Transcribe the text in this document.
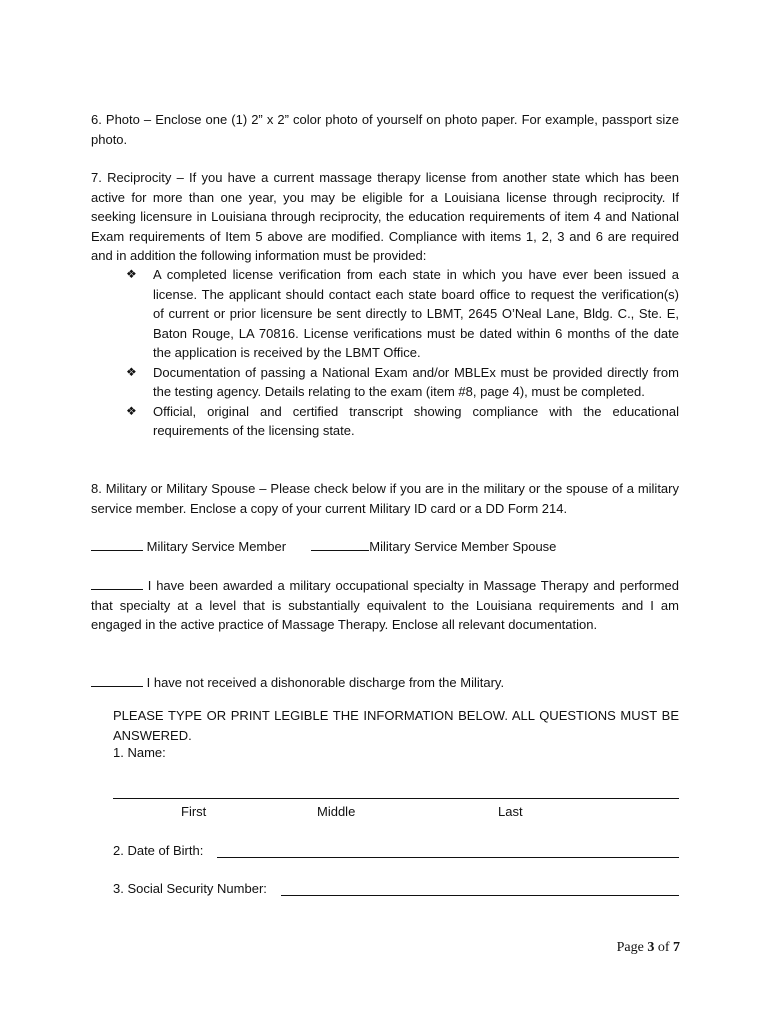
6. Photo – Enclose one (1) 2” x 2” color photo of yourself on photo paper. For example, passport size photo.

7. Reciprocity – If you have a current massage therapy license from another state which has been active for more than one year, you may be eligible for a Louisiana license through reciprocity. If seeking licensure in Louisiana through reciprocity, the education requirements of item 4 and National Exam requirements of Item 5 above are modified. Compliance with items 1, 2, 3 and 6 are required and in addition the following information must be provided:

❖ A completed license verification from each state in which you have ever been issued a license. The applicant should contact each state board office to request the verification(s) of current or prior licensure be sent directly to LBMT, 2645 O’Neal Lane, Bldg. C., Ste. E, Baton Rouge, LA 70816. License verifications must be dated within 6 months of the date the application is received by the LBMT Office.
❖ Documentation of passing a National Exam and/or MBLEx must be provided directly from the testing agency. Details relating to the exam (item #8, page 4), must be completed.
❖ Official, original and certified transcript showing compliance with the educational requirements of the licensing state.

8. Military or Military Spouse – Please check below if you are in the military or the spouse of a military service member. Enclose a copy of your current Military ID card or a DD Form 214.

Military Service Member	Military Service Member Spouse

I have been awarded a military occupational specialty in Massage Therapy and performed that specialty at a level that is substantially equivalent to the Louisiana requirements and I am engaged in the active practice of Massage Therapy. Enclose all relevant documentation.

I have not received a dishonorable discharge from the Military.

PLEASE TYPE OR PRINT LEGIBLE THE INFORMATION BELOW. ALL QUESTIONS MUST BE ANSWERED.

1. Name:
First	Middle	Last
2. Date of Birth:
3. Social Security Number:
Page 3 of 7
